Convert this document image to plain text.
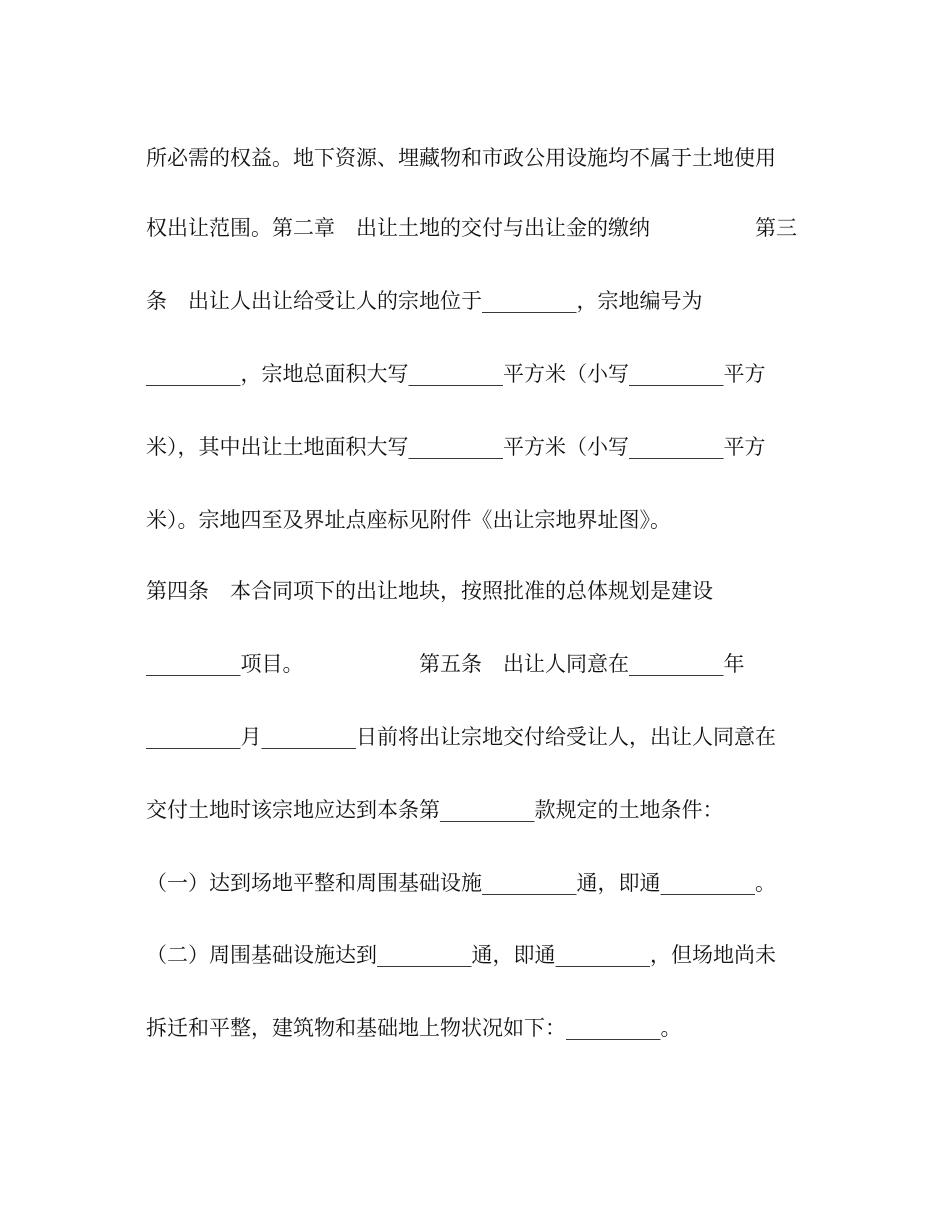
所必需的权益。地下资源、埋藏物和市政公用设施均不属于土地使用
权出让范围。第二章　出让土地的交付与出让金的缴纳　　　　　第三
条　出让人出让给受让人的宗地位于_________，宗地编号为
_________，宗地总面积大写_________平方米（小写_________平方
米），其中出让土地面积大写_________平方米（小写_________平方
米）。宗地四至及界址点座标见附件《出让宗地界址图》。
第四条　本合同项下的出让地块，按照批准的总体规划是建设
_________项目。　　　　　　第五条　出让人同意在_________年
_________月_________日前将出让宗地交付给受让人，出让人同意在
交付土地时该宗地应达到本条第_________款规定的土地条件：
（一）达到场地平整和周围基础设施_________通，即通_________。
（二）周围基础设施达到_________通，即通_________，但场地尚未
拆迁和平整，建筑物和基础地上物状况如下：_________。
